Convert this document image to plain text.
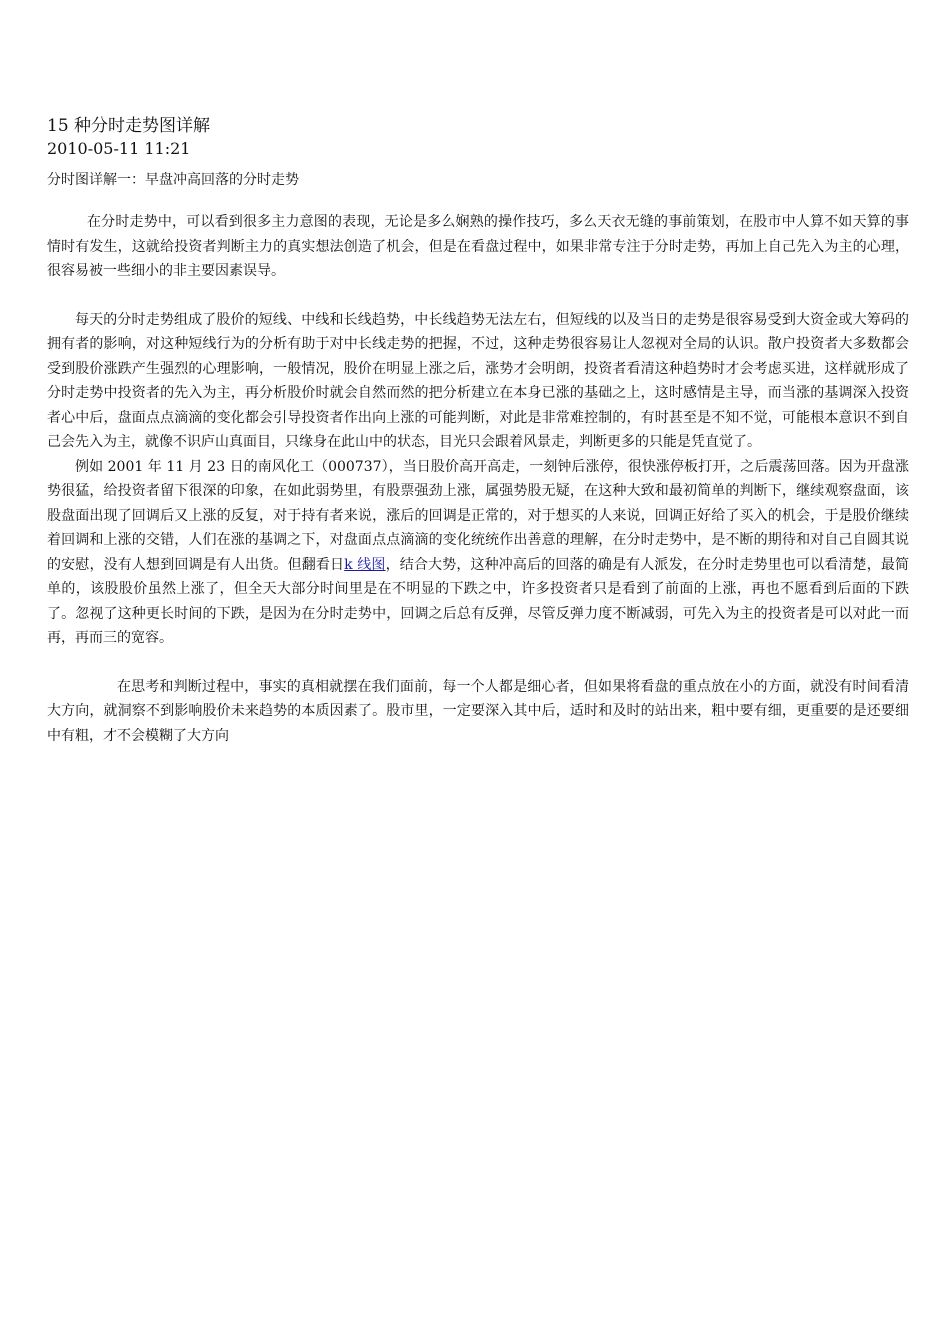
15 种分时走势图详解
2010-05-11 11:21
分时图详解一：早盘冲高回落的分时走势

在分时走势中，可以看到很多主力意图的表现，无论是多么娴熟的操作技巧，多么天衣无缝的事前策划，在股市中人算不如天算的事情时有发生，这就给投资者判断主力的真实想法创造了机会，但是在看盘过程中，如果非常专注于分时走势，再加上自己先入为主的心理，很容易被一些细小的非主要因素误导。

每天的分时走势组成了股价的短线、中线和长线趋势，中长线趋势无法左右，但短线的以及当日的走势是很容易受到大资金或大筹码的拥有者的影响，对这种短线行为的分析有助于对中长线走势的把握，不过，这种走势很容易让人忽视对全局的认识。散户投资者大多数都会受到股价涨跌产生强烈的心理影响，一般情况，股价在明显上涨之后，涨势才会明朗，投资者看清这种趋势时才会考虑买进，这样就形成了分时走势中投资者的先入为主，再分析股价时就会自然而然的把分析建立在本身已涨的基础之上，这时感情是主导，而当涨的基调深入投资者心中后，盘面点点滴滴的变化都会引导投资者作出向上涨的可能判断，对此是非常难控制的，有时甚至是不知不觉，可能根本意识不到自己会先入为主，就像不识庐山真面目，只缘身在此山中的状态，目光只会跟着风景走，判断更多的只能是凭直觉了。

例如 2001 年 11 月 23 日的南风化工（000737），当日股价高开高走，一刻钟后涨停，很快涨停板打开，之后震荡回落。因为开盘涨势很猛，给投资者留下很深的印象，在如此弱势里，有股票强劲上涨，属强势股无疑，在这种大致和最初简单的判断下，继续观察盘面，该股盘面出现了回调后又上涨的反复，对于持有者来说，涨后的回调是正常的，对于想买的人来说，回调正好给了买入的机会，于是股价继续着回调和上涨的交错，人们在涨的基调之下，对盘面点点滴滴的变化统统作出善意的理解，在分时走势中，是不断的期待和对自己自圆其说的安慰，没有人想到回调是有人出货。但翻看日k 线图，结合大势，这种冲高后的回落的确是有人派发，在分时走势里也可以看清楚，最简单的，该股股价虽然上涨了，但全天大部分时间里是在不明显的下跌之中，许多投资者只是看到了前面的上涨，再也不愿看到后面的下跌了。忽视了这种更长时间的下跌，是因为在分时走势中，回调之后总有反弹，尽管反弹力度不断减弱，可先入为主的投资者是可以对此一而再，再而三的宽容。

在思考和判断过程中，事实的真相就摆在我们面前，每一个人都是细心者，但如果将看盘的重点放在小的方面，就没有时间看清大方向，就洞察不到影响股价未来趋势的本质因素了。股市里，一定要深入其中后，适时和及时的站出来，粗中要有细，更重要的是还要细中有粗，才不会模糊了大方向
